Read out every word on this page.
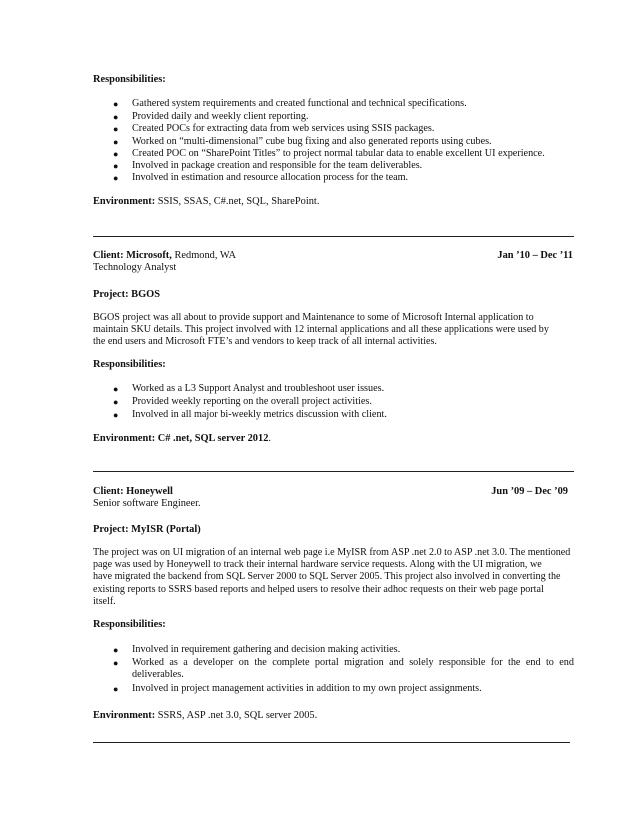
Responsibilities:
● Gathered system requirements and created functional and technical specifications.
● Provided daily and weekly client reporting.
● Created POCs for extracting data from web services using SSIS packages.
● Worked on “multi-dimensional” cube bug fixing and also generated reports using cubes.
● Created POC on “SharePoint Titles” to project normal tabular data to enable excellent UI experience.
● Involved in package creation and responsible for the team deliverables.
● Involved in estimation and resource allocation process for the team.
Environment: SSIS, SSAS, C#.net, SQL, SharePoint.
Client: Microsoft, Redmond, WA	Jan ’10 – Dec ’11
Technology Analyst
Project: BGOS
BGOS project was all about to provide support and Maintenance to some of Microsoft Internal application to
maintain SKU details. This project involved with 12 internal applications and all these applications were used by
the end users and Microsoft FTE’s and vendors to keep track of all internal activities.
Responsibilities:
● Worked as a L3 Support Analyst and troubleshoot user issues.
● Provided weekly reporting on the overall project activities.
● Involved in all major bi-weekly metrics discussion with client.
Environment: C# .net, SQL server 2012.
Client: Honeywell	Jun ’09 – Dec ’09
Senior software Engineer.
Project: MyISR (Portal)
The project was on UI migration of an internal web page i.e MyISR from ASP .net 2.0 to ASP .net 3.0. The mentioned
page was used by Honeywell to track their internal hardware service requests. Along with the UI migration, we
have migrated the backend from SQL Server 2000 to SQL Server 2005. This project also involved in converting the
existing reports to SSRS based reports and helped users to resolve their adhoc requests on their web page portal
itself.
Responsibilities:
● Involved in requirement gathering and decision making activities.
● Worked as a developer on the complete portal migration and solely responsible for the end to end deliverables.
● Involved in project management activities in addition to my own project assignments.
Environment: SSRS, ASP .net 3.0, SQL server 2005.
